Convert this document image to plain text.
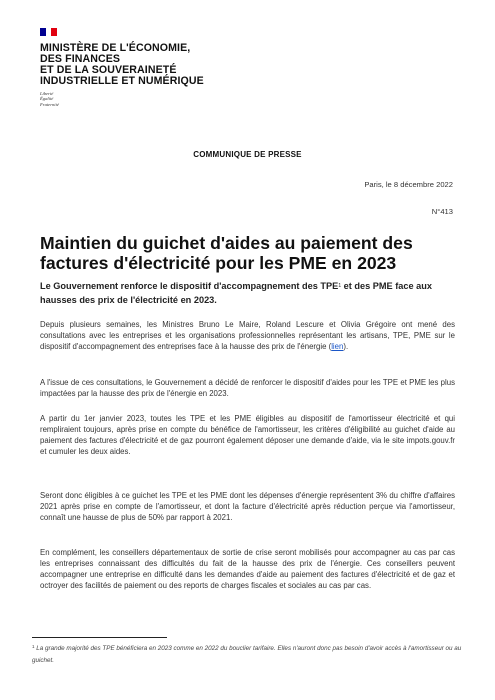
MINISTÈRE DE L'ÉCONOMIE,
DES FINANCES
ET DE LA SOUVERAINETÉ
INDUSTRIELLE ET NUMÉRIQUE
Liberté
Égalité
Fraternité
COMMUNIQUE DE PRESSE
Paris, le 8 décembre 2022
N°413
Maintien du guichet d'aides au paiement des factures d'électricité pour les PME en 2023
Le Gouvernement renforce le dispositif d'accompagnement des TPE$^1$ et des PME face aux hausses des prix de l'électricité en 2023.

Depuis plusieurs semaines, les Ministres Bruno Le Maire, Roland Lescure et Olivia Grégoire ont mené des consultations avec les entreprises et les organisations professionnelles représentant les artisans, TPE, PME sur le dispositif d'accompagnement des entreprises face à la hausse des prix de l'énergie (lien).

A l'issue de ces consultations, le Gouvernement a décidé de renforcer le dispositif d'aides pour les TPE et PME les plus impactées par la hausse des prix de l'énergie en 2023.

A partir du 1er janvier 2023, toutes les TPE et les PME éligibles au dispositif de l'amortisseur électricité et qui rempliraient toujours, après prise en compte du bénéfice de l'amortisseur, les critères d'éligibilité au guichet d'aide au paiement des factures d'électricité et de gaz pourront également déposer une demande d'aide, via le site impots.gouv.fr et cumuler les deux aides.

Seront donc éligibles à ce guichet les TPE et les PME dont les dépenses d'énergie représentent 3% du chiffre d'affaires 2021 après prise en compte de l'amortisseur, et dont la facture d'électricité après réduction perçue via l'amortisseur, connaît une hausse de plus de 50% par rapport à 2021.

En complément, les conseillers départementaux de sortie de crise seront mobilisés pour accompagner au cas par cas les entreprises connaissant des difficultés du fait de la hausse des prix de l'énergie. Ces conseillers peuvent accompagner une entreprise en difficulté dans les demandes d'aide au paiement des factures d'électricité et de gaz et octroyer des facilités de paiement ou des reports de charges fiscales et sociales au cas par cas.

$^1$ La grande majorité des TPE bénéficiera en 2023 comme en 2022 du bouclier tarifaire. Elles n'auront donc pas besoin d'avoir accès à l'amortisseur ou au guichet.
